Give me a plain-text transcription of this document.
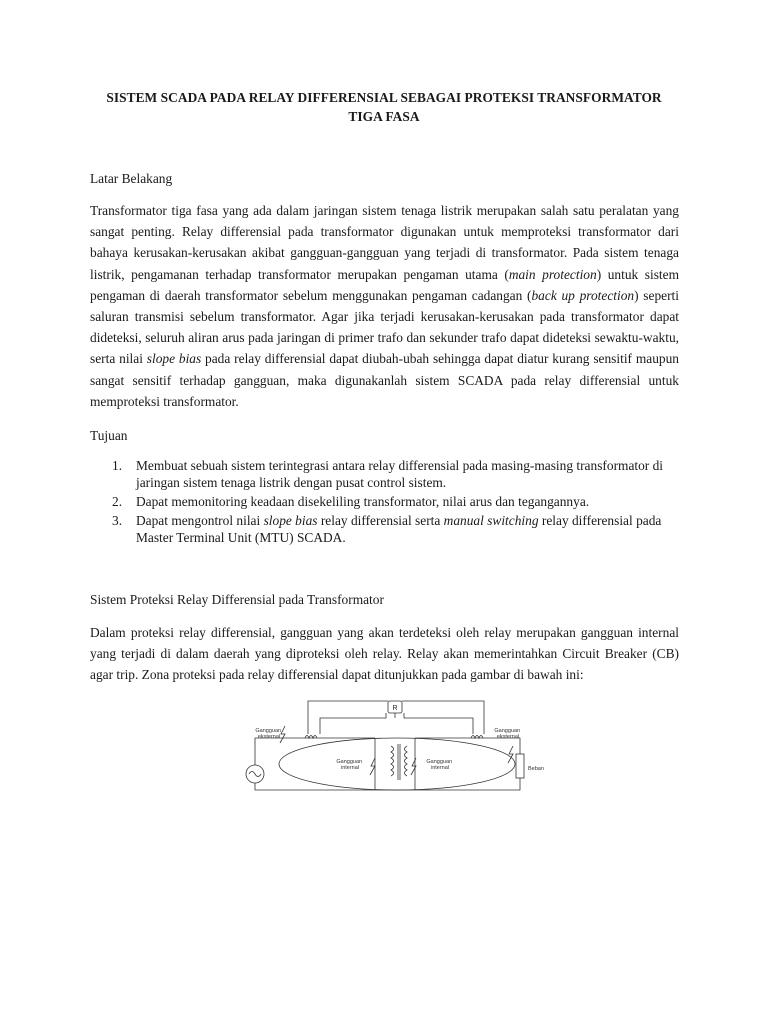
SISTEM SCADA PADA RELAY DIFFERENSIAL SEBAGAI PROTEKSI TRANSFORMATOR
TIGA FASA
Latar Belakang
Transformator tiga fasa yang ada dalam jaringan sistem tenaga listrik merupakan salah satu peralatan yang sangat penting. Relay differensial pada transformator digunakan untuk memproteksi transformator dari bahaya kerusakan-kerusakan akibat gangguan-gangguan yang terjadi di transformator. Pada sistem tenaga listrik, pengamanan terhadap transformator merupakan pengaman utama (main protection) untuk sistem pengaman di daerah transformator sebelum menggunakan pengaman cadangan (back up protection) seperti saluran transmisi sebelum transformator. Agar jika terjadi kerusakan-kerusakan pada transformator dapat dideteksi, seluruh aliran arus pada jaringan di primer trafo dan sekunder trafo dapat dideteksi sewaktu-waktu, serta nilai slope bias pada relay differensial dapat diubah-ubah sehingga dapat diatur kurang sensitif maupun sangat sensitif terhadap gangguan, maka digunakanlah sistem SCADA pada relay differensial untuk memproteksi transformator.
Tujuan
1. Membuat sebuah sistem terintegrasi antara relay differensial pada masing-masing transformator di jaringan sistem tenaga listrik dengan pusat control sistem.
2. Dapat memonitoring keadaan disekeliling transformator, nilai arus dan tegangannya.
3. Dapat mengontrol nilai slope bias relay differensial serta manual switching relay differensial pada Master Terminal Unit (MTU) SCADA.
Sistem Proteksi Relay Differensial pada Transformator
Dalam proteksi relay differensial, gangguan yang akan terdeteksi oleh relay merupakan gangguan internal yang terjadi di dalam daerah yang diproteksi oleh relay. Relay akan memerintahkan Circuit Breaker (CB) agar trip. Zona proteksi pada relay differensial dapat ditunjukkan pada gambar di bawah ini:
R
Beban
Gangguan eksternal
Gangguan eksternal
Gangguan internal
Gangguan internal
